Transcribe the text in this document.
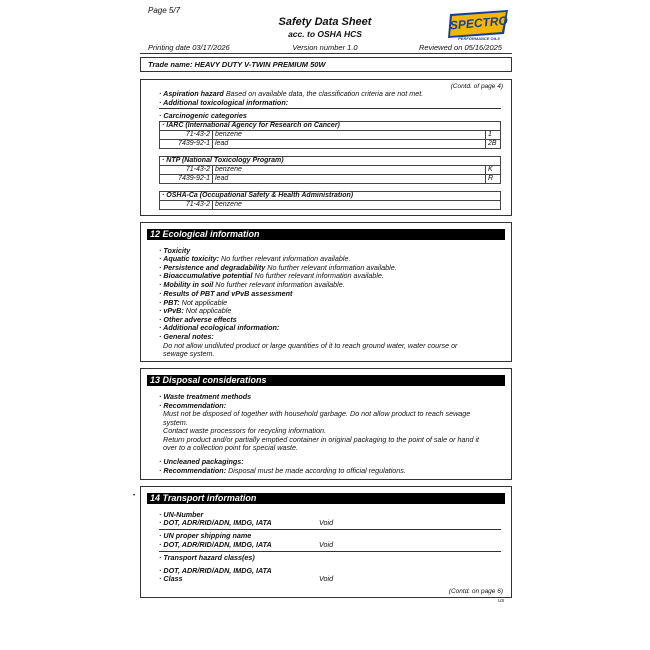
Page 5/7
Safety Data Sheet
acc. to OSHA HCS
SPECTRO
PERFORMANCE OILS
Printing date 03/17/2026	Version number 1.0	Reviewed on 05/16/2025
Trade name: HEAVY DUTY V-TWIN PREMIUM 50W
(Contd. of page 4)
· Aspiration hazard Based on available data, the classification criteria are not met.
· Additional toxicological information:
· Carcinogenic categories
· IARC (International Agency for Research on Cancer)		
71-43-2	benzene	1
7439-92-1	lead	2B
· NTP (National Toxicology Program)		
71-43-2	benzene	K
7439-92-1	lead	R
· OSHA-Ca (Occupational Safety & Health Administration)
71-43-2	benzene
12 Ecological information
· Toxicity
· Aquatic toxicity: No further relevant information available.
· Persistence and degradability No further relevant information available.
· Bioaccumulative potential No further relevant information available.
· Mobility in soil No further relevant information available.
· Results of PBT and vPvB assessment
· PBT: Not applicable
· vPvB: Not applicable
· Other adverse effects
· Additional ecological information:
· General notes:
Do not allow undiluted product or large quantities of it to reach ground water, water course or
sewage system.
13 Disposal considerations
· Waste treatment methods
· Recommendation:
Must not be disposed of together with household garbage. Do not allow product to reach sewage
system.
Contact waste processors for recycling information.
Return product and/or partially emptied container in original packaging to the point of sale or hand it
over to a collection point for special waste.
· Uncleaned packagings:
· Recommendation: Disposal must be made according to official regulations.
•	14 Transport information
· UN-Number
· DOT, ADR/RID/ADN, IMDG, IATA	Void
· UN proper shipping name
· DOT, ADR/RID/ADN, IMDG, IATA	Void
· Transport hazard class(es)
· DOT, ADR/RID/ADN, IMDG, IATA
· Class	Void
(Contd. on page 6)
US
